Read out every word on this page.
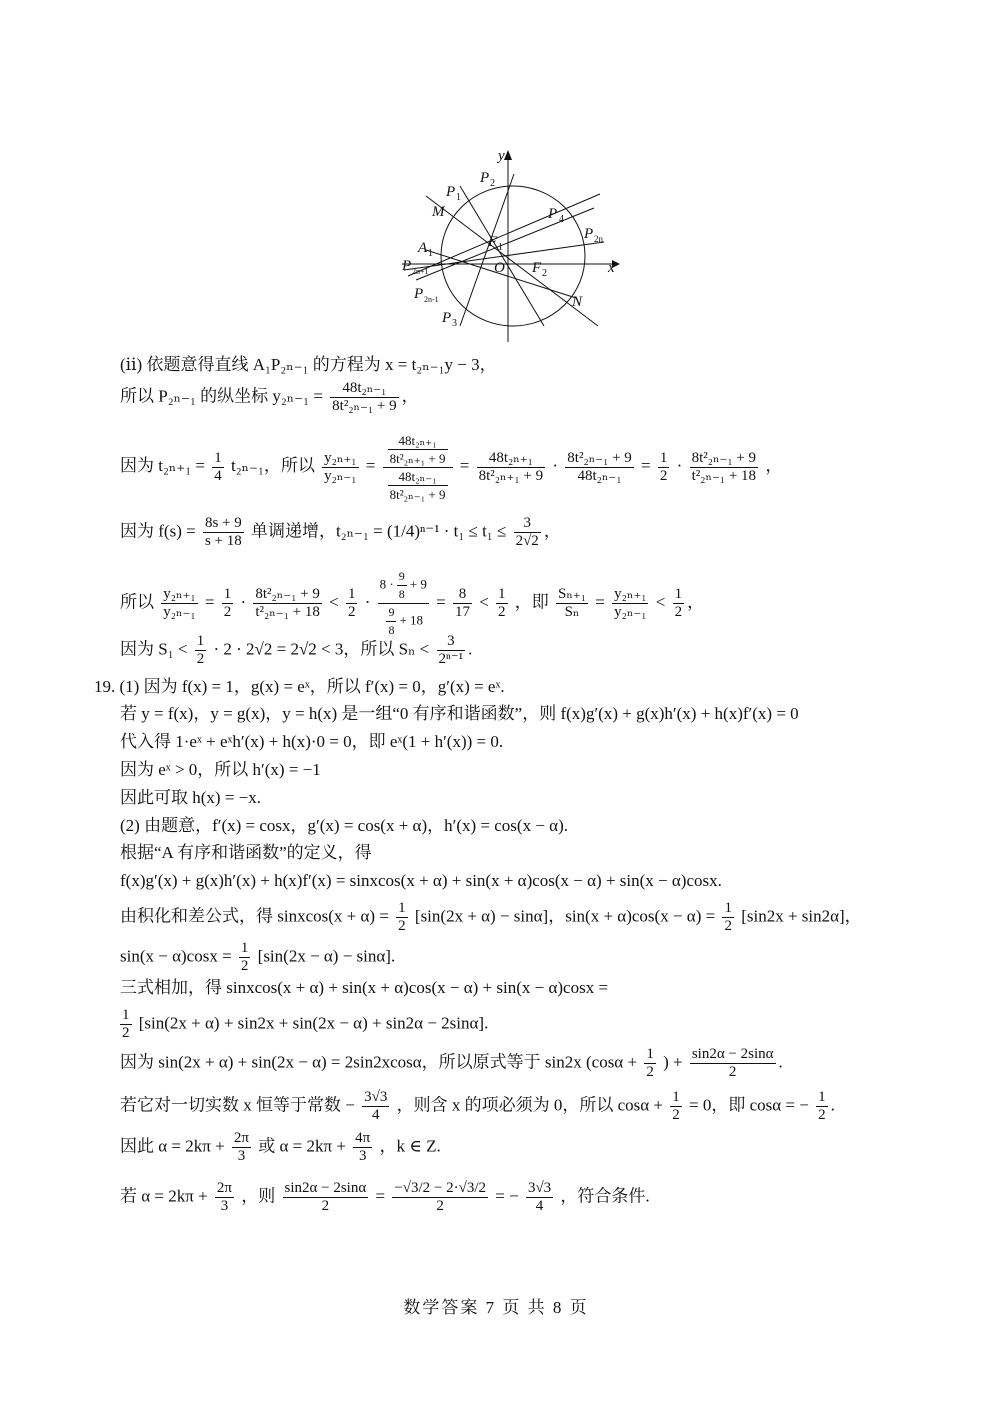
y
x
P 2
P 1
M	P 4
P 2n
A 1
F 1
O F 2
P 2n+1
P 2n-1
P 3
N
(ⅱ) 依题意得直线 A₁P₂ₙ₋₁ 的方程为 x = t₂ₙ₋₁y − 3，
所以 P₂ₙ₋₁ 的纵坐标 $y_{2n-1} = \frac{\text{48t₂ₙ₋₁}}{\text{8t²₂ₙ₋₁ + 9}}$ ，
因为 $t_{2n+1} = \frac{1}{4} t_{2n-1}$，所以 $\frac{\text{y₂ₙ₊₁}}{\text{y₂ₙ₋₁}} = \frac{\frac{\text{48t₂ₙ₊₁}}{\text{8t²₂ₙ₊₁ + 9}}}{\frac{\text{48t₂ₙ₋₁}}{\text{8t²₂ₙ₋₁ + 9}}} = \frac{\text{48t₂ₙ₊₁}}{\text{8t²₂ₙ₊₁ + 9}} \cdot \frac{\text{8t²₂ₙ₋₁ + 9}}{\text{48t₂ₙ₋₁}} = \frac{1}{2} \cdot \frac{\text{8t²₂ₙ₋₁ + 9}}{\text{t²₂ₙ₋₁ + 18}}$ ，
因为 $f(s) = \frac{8s + 9}{s + 18}$ 单调递增，$t_{2n-1} = (1/4)^{n-1} \cdot t_1 \le t_1 \le \frac{3}{2√2}$ ，
所以 $\frac{\text{y₂ₙ₊₁}}{\text{y₂ₙ₋₁}} = \frac{1}{2} \cdot \frac{\text{8t²₂ₙ₋₁ + 9}}{\text{t²₂ₙ₋₁ + 18}} < \frac{1}{2} \cdot \frac{8 \cdot \frac{9}{8} + 9}{\frac{9}{8} + 18} = \frac{8}{17} < \frac{1}{2}$ ，即 $\frac{\text{Sₙ₊₁}}{\text{Sₙ}} = \frac{\text{y₂ₙ₊₁}}{\text{y₂ₙ₋₁}} < \frac{1}{2}$ ，
因为 $S_1 < \frac{1}{2} \cdot 2 \cdot 2√2 = 2√2 < 3$，所以 $S_n < \frac{3}{\text{2ⁿ⁻¹}}$ .
19. (1) 因为 f(x) = 1，g(x) = eˣ，所以 f′(x) = 0，g′(x) = eˣ.
若 y = f(x)，y = g(x)，y = h(x) 是一组“0 有序和谐函数”，则 f(x)g′(x) + g(x)h′(x) + h(x)f′(x) = 0
代入得 1·eˣ + eˣh′(x) + h(x)·0 = 0，即 eˣ(1 + h′(x)) = 0.
因为 eˣ > 0，所以 h′(x) = −1
因此可取 h(x) = −x.
(2) 由题意，f′(x) = cosx，g′(x) = cos(x + α)，h′(x) = cos(x − α).
根据“A 有序和谐函数”的定义，得
f(x)g′(x) + g(x)h′(x) + h(x)f′(x) = sinxcos(x + α) + sin(x + α)cos(x − α) + sin(x − α)cosx.
由积化和差公式，得 sinxcos(x + $\alpha) = \frac{1}{2} [\sin(2x + \alpha) - \sin\alpha]$，$\sin(x + \alpha)\cos(x - \alpha) = \frac{1}{2} [\sin 2x + \sin 2\alpha]$，
$\sin(x - \alpha)\cos x = \frac{1}{2} [\sin(2x - \alpha) - \sin\alpha]$.
三式相加，得 sinxcos(x + α) + sin(x + α)cos(x − α) + sin(x − α)cosx =
$\frac{1}{2} [\sin(2x + \alpha) + \sin 2x + \sin(2x - \alpha) + \sin 2\alpha - 2\sin\alpha]$.
因为 sin(2x + α) + sin(2x − α) = 2sin2xcosα，所以原式等于 sin2x ($\cos\alpha + \frac{1}{2}$ ) + $\frac{\sin 2\alpha - 2\sin\alpha}{2}$ .
若它对一切实数 x 恒等于常数 − $\frac{3√3}{4}$ ，则含 x 的项必须为 0，所以 $\cos\alpha + \frac{1}{2} = 0$，即 cosα = − $\frac{1}{2}$ .
因此 $\alpha = 2k\pi + \frac{2\pi}{3}$ 或 $\alpha = 2k\pi + \frac{4\pi}{3}$ ，k ∈ Z.
若 $\alpha = 2k\pi + \frac{2\pi}{3}$ ，则 $\frac{\sin 2\alpha - 2\sin\alpha}{2} = \frac{-√3/2 - 2\cdot√3/2}{2}$ = − $\frac{3√3}{4}$ ，符合条件.
数学答案 7 页 共 8 页
